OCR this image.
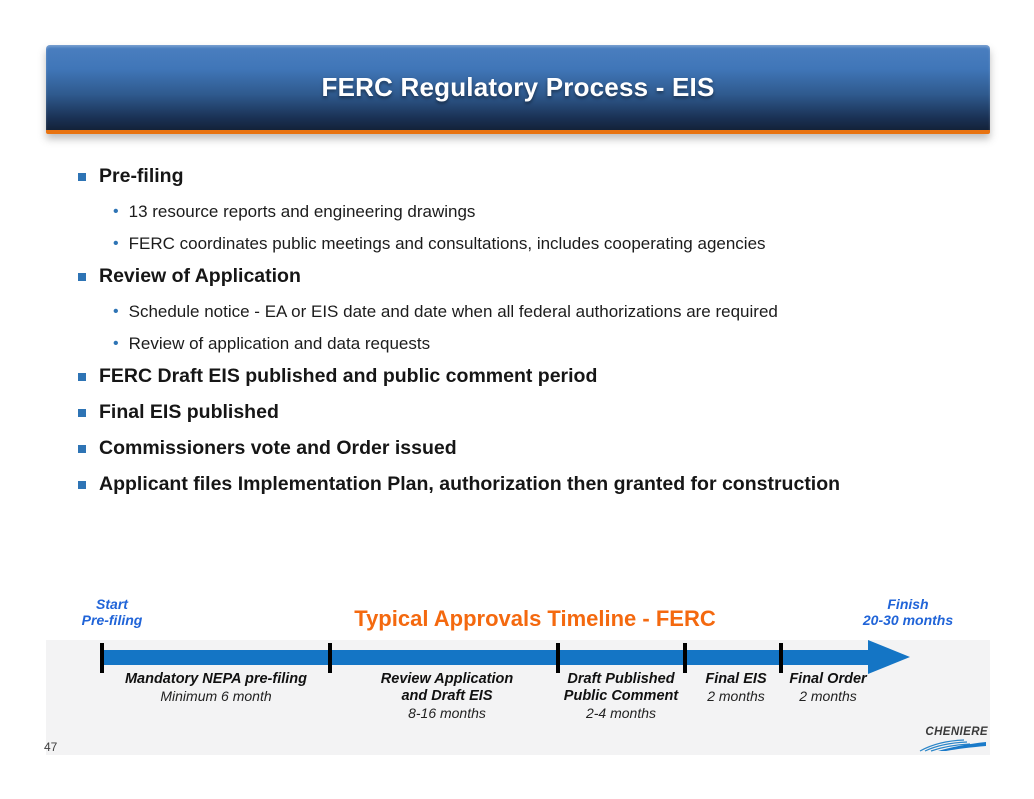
FERC Regulatory Process - EIS
Pre-filing
• 13 resource reports and engineering drawings
• FERC coordinates public meetings and consultations, includes cooperating agencies
Review of Application
• Schedule notice - EA or EIS date and date when all federal authorizations are required
• Review of application and data requests
FERC Draft EIS published and public comment period
Final EIS published
Commissioners vote and Order issued
Applicant files Implementation Plan, authorization then granted for construction
Typical Approvals Timeline - FERC
Start
Pre-filing
Finish
20-30 months
Mandatory NEPA pre-filing
Minimum 6 month
Review Application
and Draft EIS
8-16 months
Draft Published
Public Comment
2-4 months
Final EIS
2 months
Final Order
2 months
47
CHENIERE
